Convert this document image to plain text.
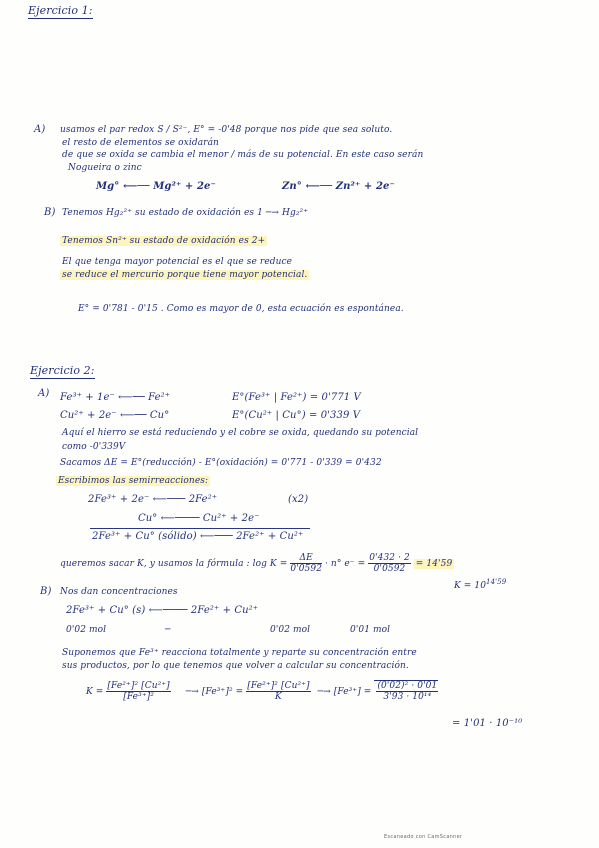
Ejercicio 1:
A) usamos el par redox S / S²⁻, E° = -0'48 porque nos pide que sea soluto.
el resto de elementos se oxidarán
de que se oxida se cambia el menor / más de su potencial. En este caso serán
Nogueira o zinc
Mg° ⟵── Mg²⁺ + 2e⁻	Zn° ⟵── Zn²⁺ + 2e⁻
B) Tenemos Hg₂²⁺ su estado de oxidación es 1 ─→ Hg₂²⁺
Tenemos Sn²⁺ su estado de oxidación es 2+
El que tenga mayor potencial es el que se reduce
se reduce el mercurio porque tiene mayor potencial.
E° = 0'781 - 0'15 . Como es mayor de 0, esta ecuación es espontánea.
Ejercicio 2:
A) Fe³⁺ + 1e⁻ ⟵── Fe²⁺	E°(Fe³⁺ | Fe²⁺) = 0'771 V
Cu²⁺ + 2e⁻ ⟵── Cu°	E°(Cu²⁺ | Cu°) = 0'339 V
Aquí el hierro se está reduciendo y el cobre se oxida, quedando su potencial
como -0'339V
Sacamos ΔE = E°(reducción) - E°(oxidación) = 0'771 - 0'339 = 0'432
Escribimos las semirreacciones:
2Fe³⁺ + 2e⁻ ⟵─── 2Fe²⁺	(x2)
Cu° ⟵──── Cu²⁺ + 2e⁻
2Fe³⁺ + Cu° (sólido) ⟵─── 2Fe²⁺ + Cu²⁺
queremos sacar K, y usamos la fórmula : $\log K = \frac{\Delta E}{0'0592} \cdot n^\circ$ $e^- = \frac{0'432 \cdot 2}{0'0592} = 14'59$
$K = 10^{14'59}$
B) Nos dan concentraciones
2Fe³⁺ + Cu° (s) ⟵──── 2Fe²⁺ + Cu²⁺
0'02 mol	─	0'02 mol	0'01 mol
Suponemos que Fe³⁺ reacciona totalmente y reparte su concentración entre
sus productos, por lo que tenemos que volver a calcular su concentración.
$K = \frac{\text{[Fe²⁺]² [Cu²⁺]}}{\text{[Fe³⁺]²}}$ ─→ $[Fe^{3+}]^2 = \frac{\text{[Fe²⁺]² [Cu²⁺]}}{K}$ ─→ $[Fe^{3+}] = \frac{\text{(0'02)² · 0'01}}{\text{3'93 · 10¹⁴}}$
= 1'01 · 10⁻¹⁰
Escaneado con CamScanner
